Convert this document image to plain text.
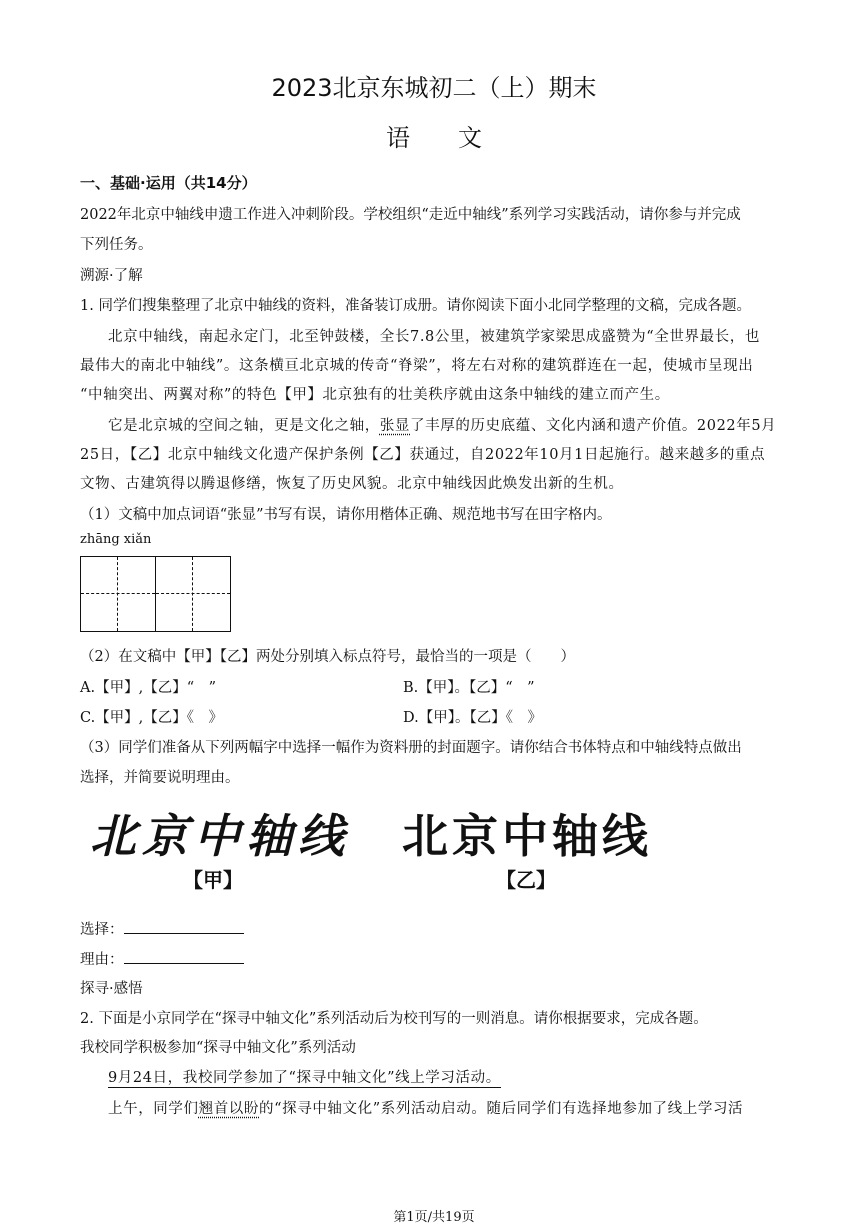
2023北京东城初二（上）期末
语文
一、基础·运用（共14分）
2022年北京中轴线申遗工作进入冲刺阶段。学校组织“走近中轴线”系列学习实践活动，请你参与并完成
下列任务。
溯源·了解
1. 同学们搜集整理了北京中轴线的资料，准备装订成册。请你阅读下面小北同学整理的文稿，完成各题。
北京中轴线，南起永定门，北至钟鼓楼，全长7.8公里，被建筑学家梁思成盛赞为“全世界最长，也
最伟大的南北中轴线”。这条横亘北京城的传奇“脊梁”，将左右对称的建筑群连在一起，使城市呈现出
“中轴突出、两翼对称”的特色【甲】北京独有的壮美秩序就由这条中轴线的建立而产生。
它是北京城的空间之轴，更是文化之轴，张显了丰厚的历史底蕴、文化内涵和遗产价值。2022年5月
25日，【乙】北京中轴线文化遗产保护条例【乙】获通过，自2022年10月1日起施行。越来越多的重点
文物、古建筑得以腾退修缮，恢复了历史风貌。北京中轴线因此焕发出新的生机。
（1）文稿中加点词语“张显”书写有误，请你用楷体正确、规范地书写在田字格内。
zhāng xiǎn
（2）在文稿中【甲】【乙】两处分别填入标点符号，最恰当的一项是（　　）
A.【甲】,【乙】“　”	B.【甲】。【乙】“　”
C.【甲】,【乙】《　》	D.【甲】。【乙】《　》
（3）同学们准备从下列两幅字中选择一幅作为资料册的封面题字。请你结合书体特点和中轴线特点做出
选择，并简要说明理由。
北京中轴线 北京中轴线
【甲】	【乙】
选择：
理由：
探寻·感悟
2. 下面是小京同学在“探寻中轴文化”系列活动后为校刊写的一则消息。请你根据要求，完成各题。
我校同学积极参加“探寻中轴文化”系列活动
9月24日，我校同学参加了“探寻中轴文化”线上学习活动。
上午，同学们翘首以盼的“探寻中轴文化”系列活动启动。随后同学们有选择地参加了线上学习活
第1页/共19页
